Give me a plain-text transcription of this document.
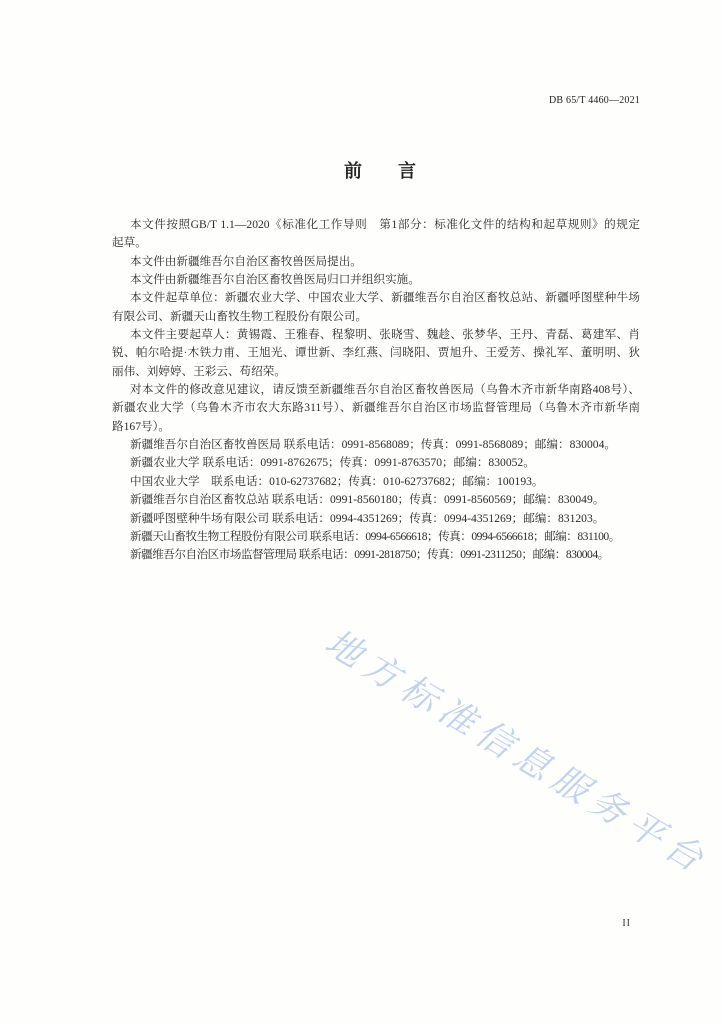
DB 65/T 4460—2021
前　　言
本文件按照GB/T 1.1—2020《标准化工作导则　第1部分：标准化文件的结构和起草规则》的规定
起草。
本文件由新疆维吾尔自治区畜牧兽医局提出。
本文件由新疆维吾尔自治区畜牧兽医局归口并组织实施。
本文件起草单位：新疆农业大学、中国农业大学、新疆维吾尔自治区畜牧总站、新疆呼图壁种牛场
有限公司、新疆天山畜牧生物工程股份有限公司。
本文件主要起草人：黄锡霞、王雅春、程黎明、张晓雪、魏趁、张梦华、王丹、青磊、葛建军、肖
锐、帕尔哈提·木铁力甫、王旭光、谭世新、李红燕、闫晓阳、贾旭升、王爱芳、操礼军、董明明、狄
丽伟、刘婷婷、王彩云、苟绍荣。
对本文件的修改意见建议，请反馈至新疆维吾尔自治区畜牧兽医局（乌鲁木齐市新华南路408号）、
新疆农业大学（乌鲁木齐市农大东路311号）、新疆维吾尔自治区市场监督管理局（乌鲁木齐市新华南
路167号）。
新疆维吾尔自治区畜牧兽医局 联系电话：0991-8568089；传真：0991-8568089；邮编：830004。
新疆农业大学 联系电话：0991-8762675；传真：0991-8763570；邮编：830052。
中国农业大学　联系电话：010-62737682；传真：010-62737682；邮编：100193。
新疆维吾尔自治区畜牧总站 联系电话：0991-8560180；传真：0991-8560569；邮编：830049。
新疆呼图壁种牛场有限公司 联系电话：0994-4351269；传真：0994-4351269；邮编：831203。
新疆天山畜牧生物工程股份有限公司 联系电话：0994-6566618；传真：0994-6566618；邮编：831100。
新疆维吾尔自治区市场监督管理局 联系电话：0991-2818750；传真：0991-2311250；邮编：830004。
地方标准信息服务平台
II
